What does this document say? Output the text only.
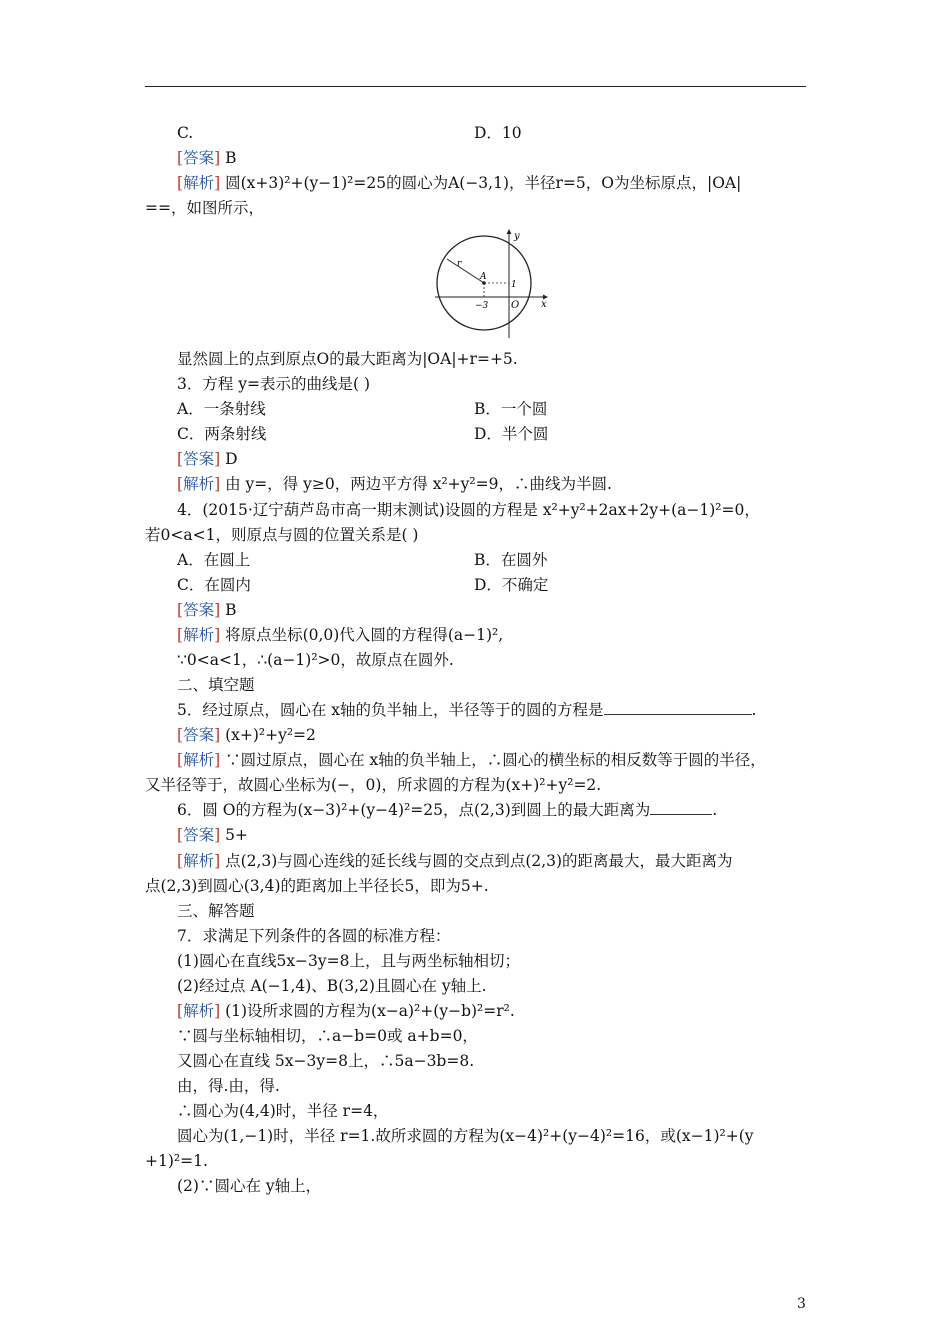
C.
[答案] B
[解析] 圆(x+3)²+(y−1)²=25的圆心为A(−3,1)，半径r=5，O为坐标原点，|OA|
==，如图所示，
y
x
r
A
1
−3 O
显然圆上的点到原点O的最大距离为|OA|+r=+5.
3．方程 y=表示的曲线是( )
A．一条射线
C．两条射线
[答案] D
[解析] 由 y=，得 y≥0，两边平方得 x²+y²=9，∴曲线为半圆.
4．(2015·辽宁葫芦岛市高一期末测试)设圆的方程是 x²+y²+2ax+2y+(a−1)²=0，
若0<a<1，则原点与圆的位置关系是( )
A．在圆上
C．在圆内
[答案] B
[解析] 将原点坐标(0,0)代入圆的方程得(a−1)²,
∵0<a<1，∴(a−1)²>0，故原点在圆外.
二、填空题
5．经过原点，圆心在 x轴的负半轴上，半径等于的圆的方程是	.
[答案] (x+)²+y²=2
[解析] ∵圆过原点，圆心在 x轴的负半轴上，∴圆心的横坐标的相反数等于圆的半径，
又半径等于，故圆心坐标为(−，0)，所求圆的方程为(x+)²+y²=2.
6．圆 O的方程为(x−3)²+(y−4)²=25，点(2,3)到圆上的最大距离为	.
[答案] 5+
[解析] 点(2,3)与圆心连线的延长线与圆的交点到点(2,3)的距离最大，最大距离为
点(2,3)到圆心(3,4)的距离加上半径长5，即为5+.
三、解答题
7．求满足下列条件的各圆的标准方程：
(1)圆心在直线5x−3y=8上，且与两坐标轴相切；
(2)经过点 A(−1,4)、B(3,2)且圆心在 y轴上.
[解析] (1)设所求圆的方程为(x−a)²+(y−b)²=r².
∵圆与坐标轴相切，∴a−b=0或 a+b=0，
又圆心在直线 5x−3y=8上，∴5a−3b=8.
由，得.由，得.
∴圆心为(4,4)时，半径 r=4，
圆心为(1,−1)时，半径 r=1.故所求圆的方程为(x−4)²+(y−4)²=16，或(x−1)²+(y
+1)²=1.
(2)∵圆心在 y轴上，
D．10
B．一个圆
D．半个圆
B．在圆外
D．不确定
3
